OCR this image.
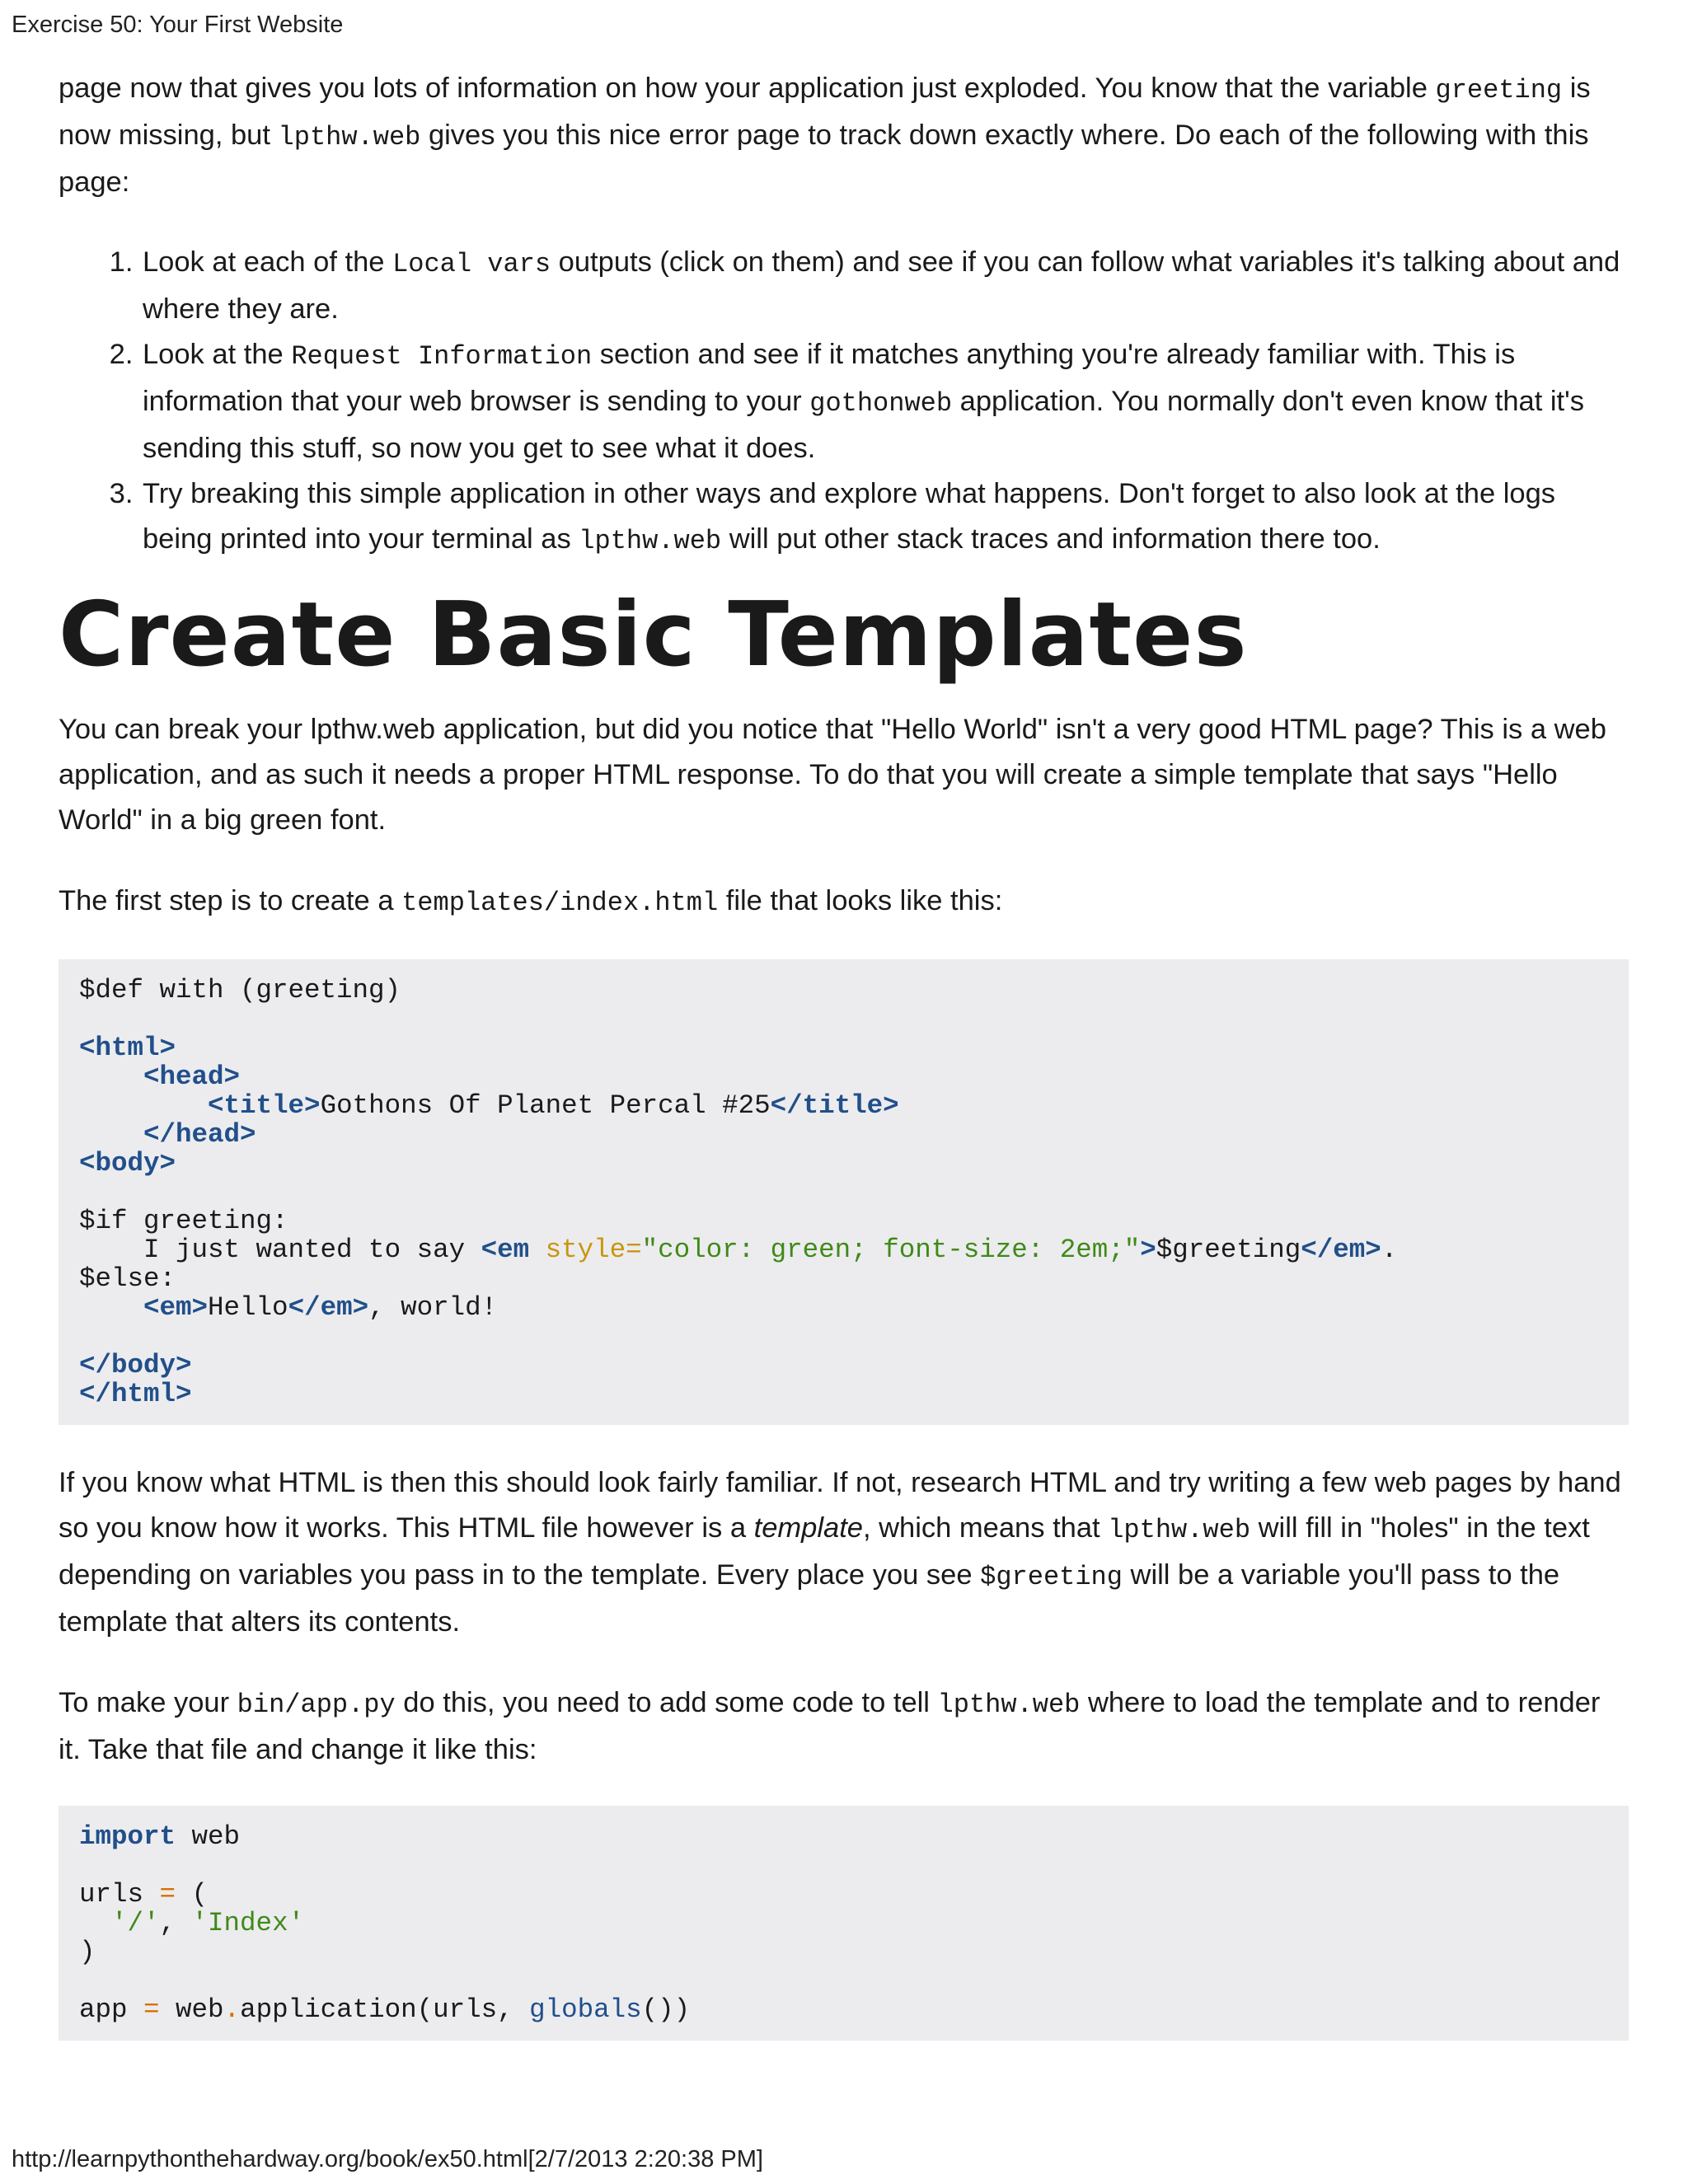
Exercise 50: Your First Website

page now that gives you lots of information on how your application just exploded. You know that the variable greeting is now missing, but lpthw.web gives you this nice error page to track down exactly where. Do each of the following with this page:

1. Look at each of the Local vars outputs (click on them) and see if you can follow what variables it's talking about and where they are.
2. Look at the Request Information section and see if it matches anything you're already familiar with. This is information that your web browser is sending to your gothonweb application. You normally don't even know that it's sending this stuff, so now you get to see what it does.
3. Try breaking this simple application in other ways and explore what happens. Don't forget to also look at the logs being printed into your terminal as lpthw.web will put other stack traces and information there too.
Create Basic Templates

You can break your lpthw.web application, but did you notice that "Hello World" isn't a very good HTML page? This is a web application, and as such it needs a proper HTML response. To do that you will create a simple template that says "Hello World" in a big green font.

The first step is to create a templates/index.html file that looks like this:

$def with (greeting)

<html>
<head>
<title>Gothons Of Planet Percal #25</title>
</head>
<body>

$if greeting:
I just wanted to say <em style="color: green; font-size: 2em;">$greeting</em>.
$else:
<em>Hello</em>, world!

</body>
</html>

If you know what HTML is then this should look fairly familiar. If not, research HTML and try writing a few web pages by hand so you know how it works. This HTML file however is a template, which means that lpthw.web will fill in "holes" in the text depending on variables you pass in to the template. Every place you see $greeting will be a variable you'll pass to the template that alters its contents.

To make your bin/app.py do this, you need to add some code to tell lpthw.web where to load the template and to render it. Take that file and change it like this:

import web

urls = (
'/', 'Index'
)

app = web.application(urls, globals())
http://learnpythonthehardway.org/book/ex50.html[2/7/2013 2:20:38 PM]
